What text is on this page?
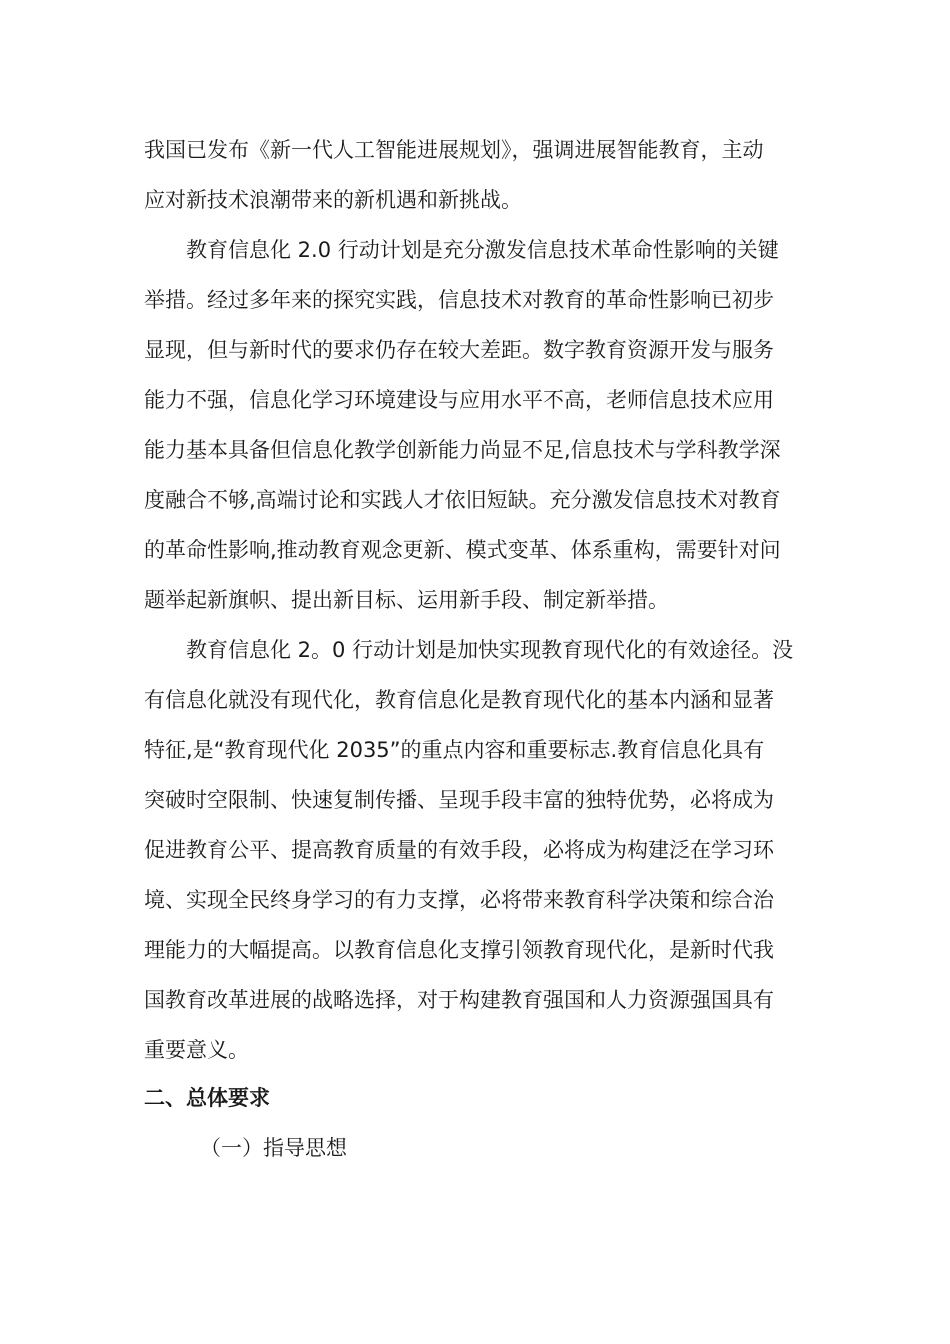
我国已发布《新一代人工智能进展规划》，强调进展智能教育，主动
应对新技术浪潮带来的新机遇和新挑战。
教育信息化 2.0 行动计划是充分激发信息技术革命性影响的关键
举措。经过多年来的探究实践，信息技术对教育的革命性影响已初步
显现，但与新时代的要求仍存在较大差距。数字教育资源开发与服务
能力不强，信息化学习环境建设与应用水平不高，老师信息技术应用
能力基本具备但信息化教学创新能力尚显不足,信息技术与学科教学深
度融合不够,高端讨论和实践人才依旧短缺。充分激发信息技术对教育
的革命性影响,推动教育观念更新、模式变革、体系重构，需要针对问
题举起新旗帜、提出新目标、运用新手段、制定新举措。
教育信息化 2。0 行动计划是加快实现教育现代化的有效途径。没
有信息化就没有现代化，教育信息化是教育现代化的基本内涵和显著
特征,是“教育现代化 2035”的重点内容和重要标志.教育信息化具有
突破时空限制、快速复制传播、呈现手段丰富的独特优势，必将成为
促进教育公平、提高教育质量的有效手段，必将成为构建泛在学习环
境、实现全民终身学习的有力支撑，必将带来教育科学决策和综合治
理能力的大幅提高。以教育信息化支撑引领教育现代化，是新时代我
国教育改革进展的战略选择，对于构建教育强国和人力资源强国具有
重要意义。
二、总体要求
（一）指导思想
